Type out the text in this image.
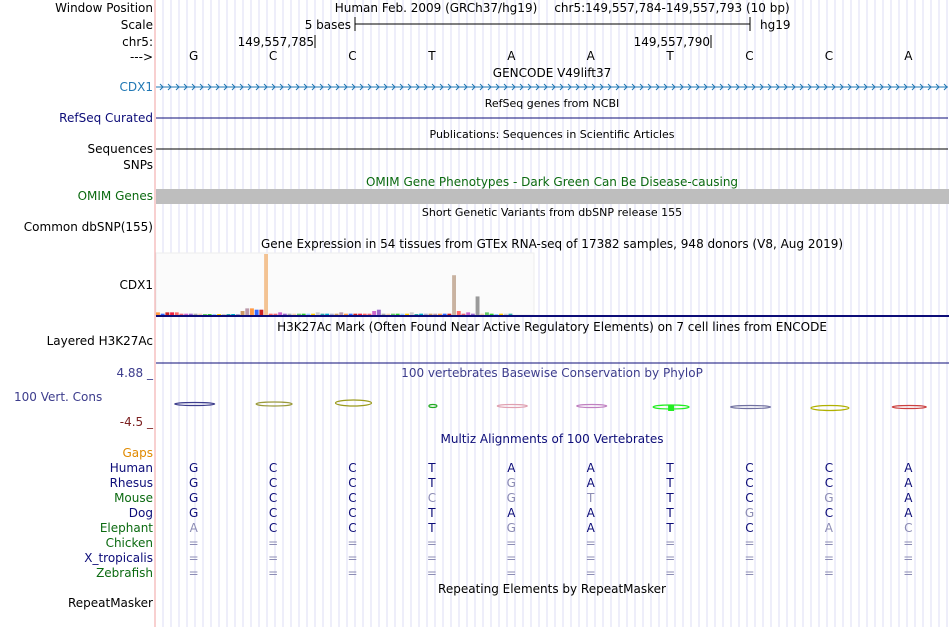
Window Position	Human Feb. 2009 (GRCh37/hg19) chr5:149,557,784-149,557,793 (10 bp)
Scale	5 bases	hg19
chr5:	149,557,785	149,557,790
--->	G	C	C	T	A	A	T	C	C	A
GENCODE V49lift37
CDX1
RefSeq genes from NCBI
RefSeq Curated
Publications: Sequences in Scientific Articles
Sequences
SNPs
OMIM Gene Phenotypes - Dark Green Can Be Disease-causing
OMIM Genes
Short Genetic Variants from dbSNP release 155
Common dbSNP(155)
Gene Expression in 54 tissues from GTEx RNA-seq of 17382 samples, 948 donors (V8, Aug 2019)
CDX1
H3K27Ac Mark (Often Found Near Active Regulatory Elements) on 7 cell lines from ENCODE
Layered H3K27Ac
100 vertebrates Basewise Conservation by PhyloP
4.88 _
100 Vert. Cons
-4.5 _
Multiz Alignments of 100 Vertebrates
Gaps
Human	G	C	C	T	A	A	T	C	C	A
Rhesus	G	C	C	T	G	A	T	C	C	A
Mouse	G	C	C	C	G	T	T	C	G	A
Dog	G	C	C	T	A	A	T	G	C	A
Elephant	A	C	C	T	G	A	T	C	A	C
Chicken	=	=	=	=	=	=	=	=	=	=
X_tropicalis	=	=	=	=	=	=	=	=	=	=
Zebrafish	=	=	=	=	=	=	=	=	=	=
Repeating Elements by RepeatMasker
RepeatMasker
